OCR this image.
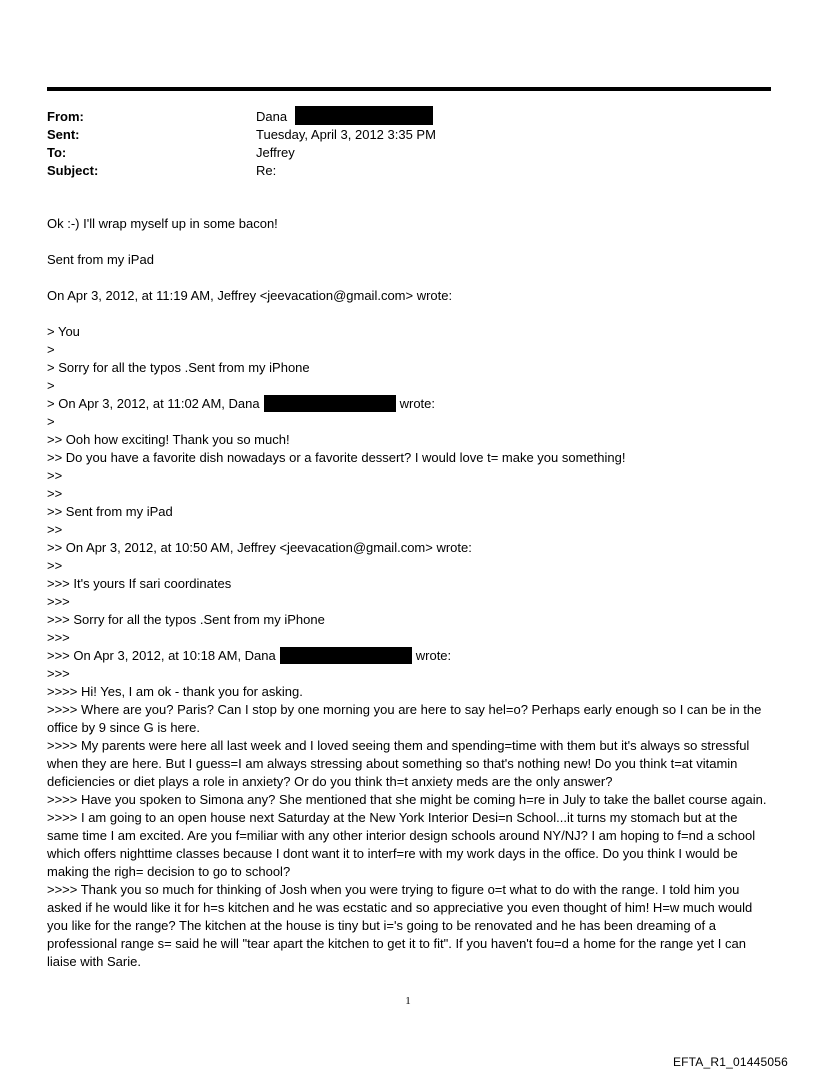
From:	Dana
Sent:	Tuesday, April 3, 2012 3:35 PM
To:	Jeffrey
Subject:	Re:
Ok :-) I'll wrap myself up in some bacon!
Sent from my iPad
On Apr 3, 2012, at 11:19 AM, Jeffrey <jeevacation@gmail.com> wrote:
> You
>
> Sorry for all the typos .Sent from my iPhone
>
> On Apr 3, 2012, at 11:02 AM, Dana	wrote:
>
>> Ooh how exciting! Thank you so much!
>> Do you have a favorite dish nowadays or a favorite dessert? I would love t= make you something!
>>
>>
>> Sent from my iPad
>>
>> On Apr 3, 2012, at 10:50 AM, Jeffrey <jeevacation@gmail.com> wrote:
>>
>>> It's yours If sari coordinates
>>>
>>> Sorry for all the typos .Sent from my iPhone
>>>
>>> On Apr 3, 2012, at 10:18 AM, Dana	wrote:
>>>
>>>> Hi! Yes, I am ok - thank you for asking.
>>>> Where are you? Paris? Can I stop by one morning you are here to say hel=o? Perhaps early enough so I can be in the office by 9 since G is here.
>>>> My parents were here all last week and I loved seeing them and spending=time with them but it's always so stressful when they are here. But I guess=I am always stressing about something so that's nothing new! Do you think t=at vitamin deficiencies or diet plays a role in anxiety? Or do you think th=t anxiety meds are the only answer?
>>>> Have you spoken to Simona any? She mentioned that she might be coming h=re in July to take the ballet course again.
>>>> I am going to an open house next Saturday at the New York Interior Desi=n School...it turns my stomach but at the same time I am excited. Are you f=miliar with any other interior design schools around NY/NJ? I am hoping to f=nd a school which offers nighttime classes because I dont want it to interf=re with my work days in the office. Do you think I would be making the righ= decision to go to school?
>>>> Thank you so much for thinking of Josh when you were trying to figure o=t what to do with the range. I told him you asked if he would like it for h=s kitchen and he was ecstatic and so appreciative you even thought of him! H=w much would you like for the range? The kitchen at the house is tiny but i='s going to be renovated and he has been dreaming of a professional range s= said he will "tear apart the kitchen to get it to fit". If you haven't fou=d a home for the range yet I can liaise with Sarie.
1
EFTA_R1_01445056
